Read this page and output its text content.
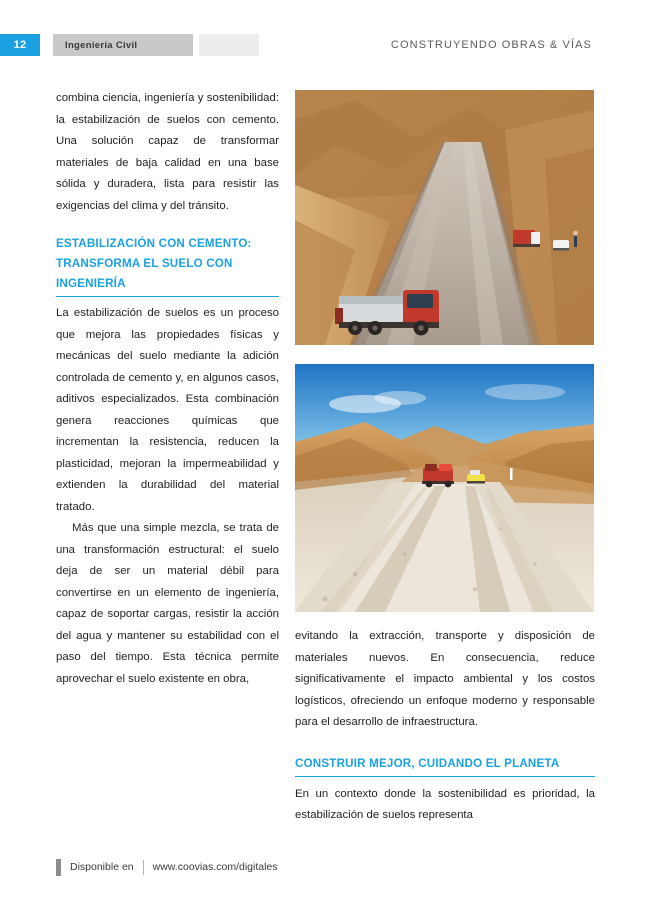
12	Ingeniería Civil	CONSTRUYENDO OBRAS & VÍAS

combina ciencia, ingeniería y sostenibilidad: la estabilización de suelos con cemento. Una solución capaz de transformar materiales de baja calidad en una base sólida y duradera, lista para resistir las exigencias del clima y del tránsito.

ESTABILIZACIÓN CON CEMENTO: TRANSFORMA EL SUELO CON INGENIERÍA

La estabilización de suelos es un proceso que mejora las propiedades físicas y mecánicas del suelo mediante la adición controlada de cemento y, en algunos casos, aditivos especializados. Esta combinación genera reacciones químicas que incrementan la resistencia, reducen la plasticidad, mejoran la impermeabilidad y extienden la durabilidad del material tratado.

Más que una simple mezcla, se trata de una transformación estructural: el suelo deja de ser un material débil para convertirse en un elemento de ingeniería, capaz de soportar cargas, resistir la acción del agua y mantener su estabilidad con el paso del tiempo. Esta técnica permite aprovechar el suelo existente en obra,

evitando la extracción, transporte y disposición de materiales nuevos. En consecuencia, reduce significativamente el impacto ambiental y los costos logísticos, ofreciendo un enfoque moderno y responsable para el desarrollo de infraestructura.

CONSTRUIR MEJOR, CUIDANDO EL PLANETA

En un contexto donde la sostenibilidad es prioridad, la estabilización de suelos representa

Disponible en www.coovias.com/digitales
